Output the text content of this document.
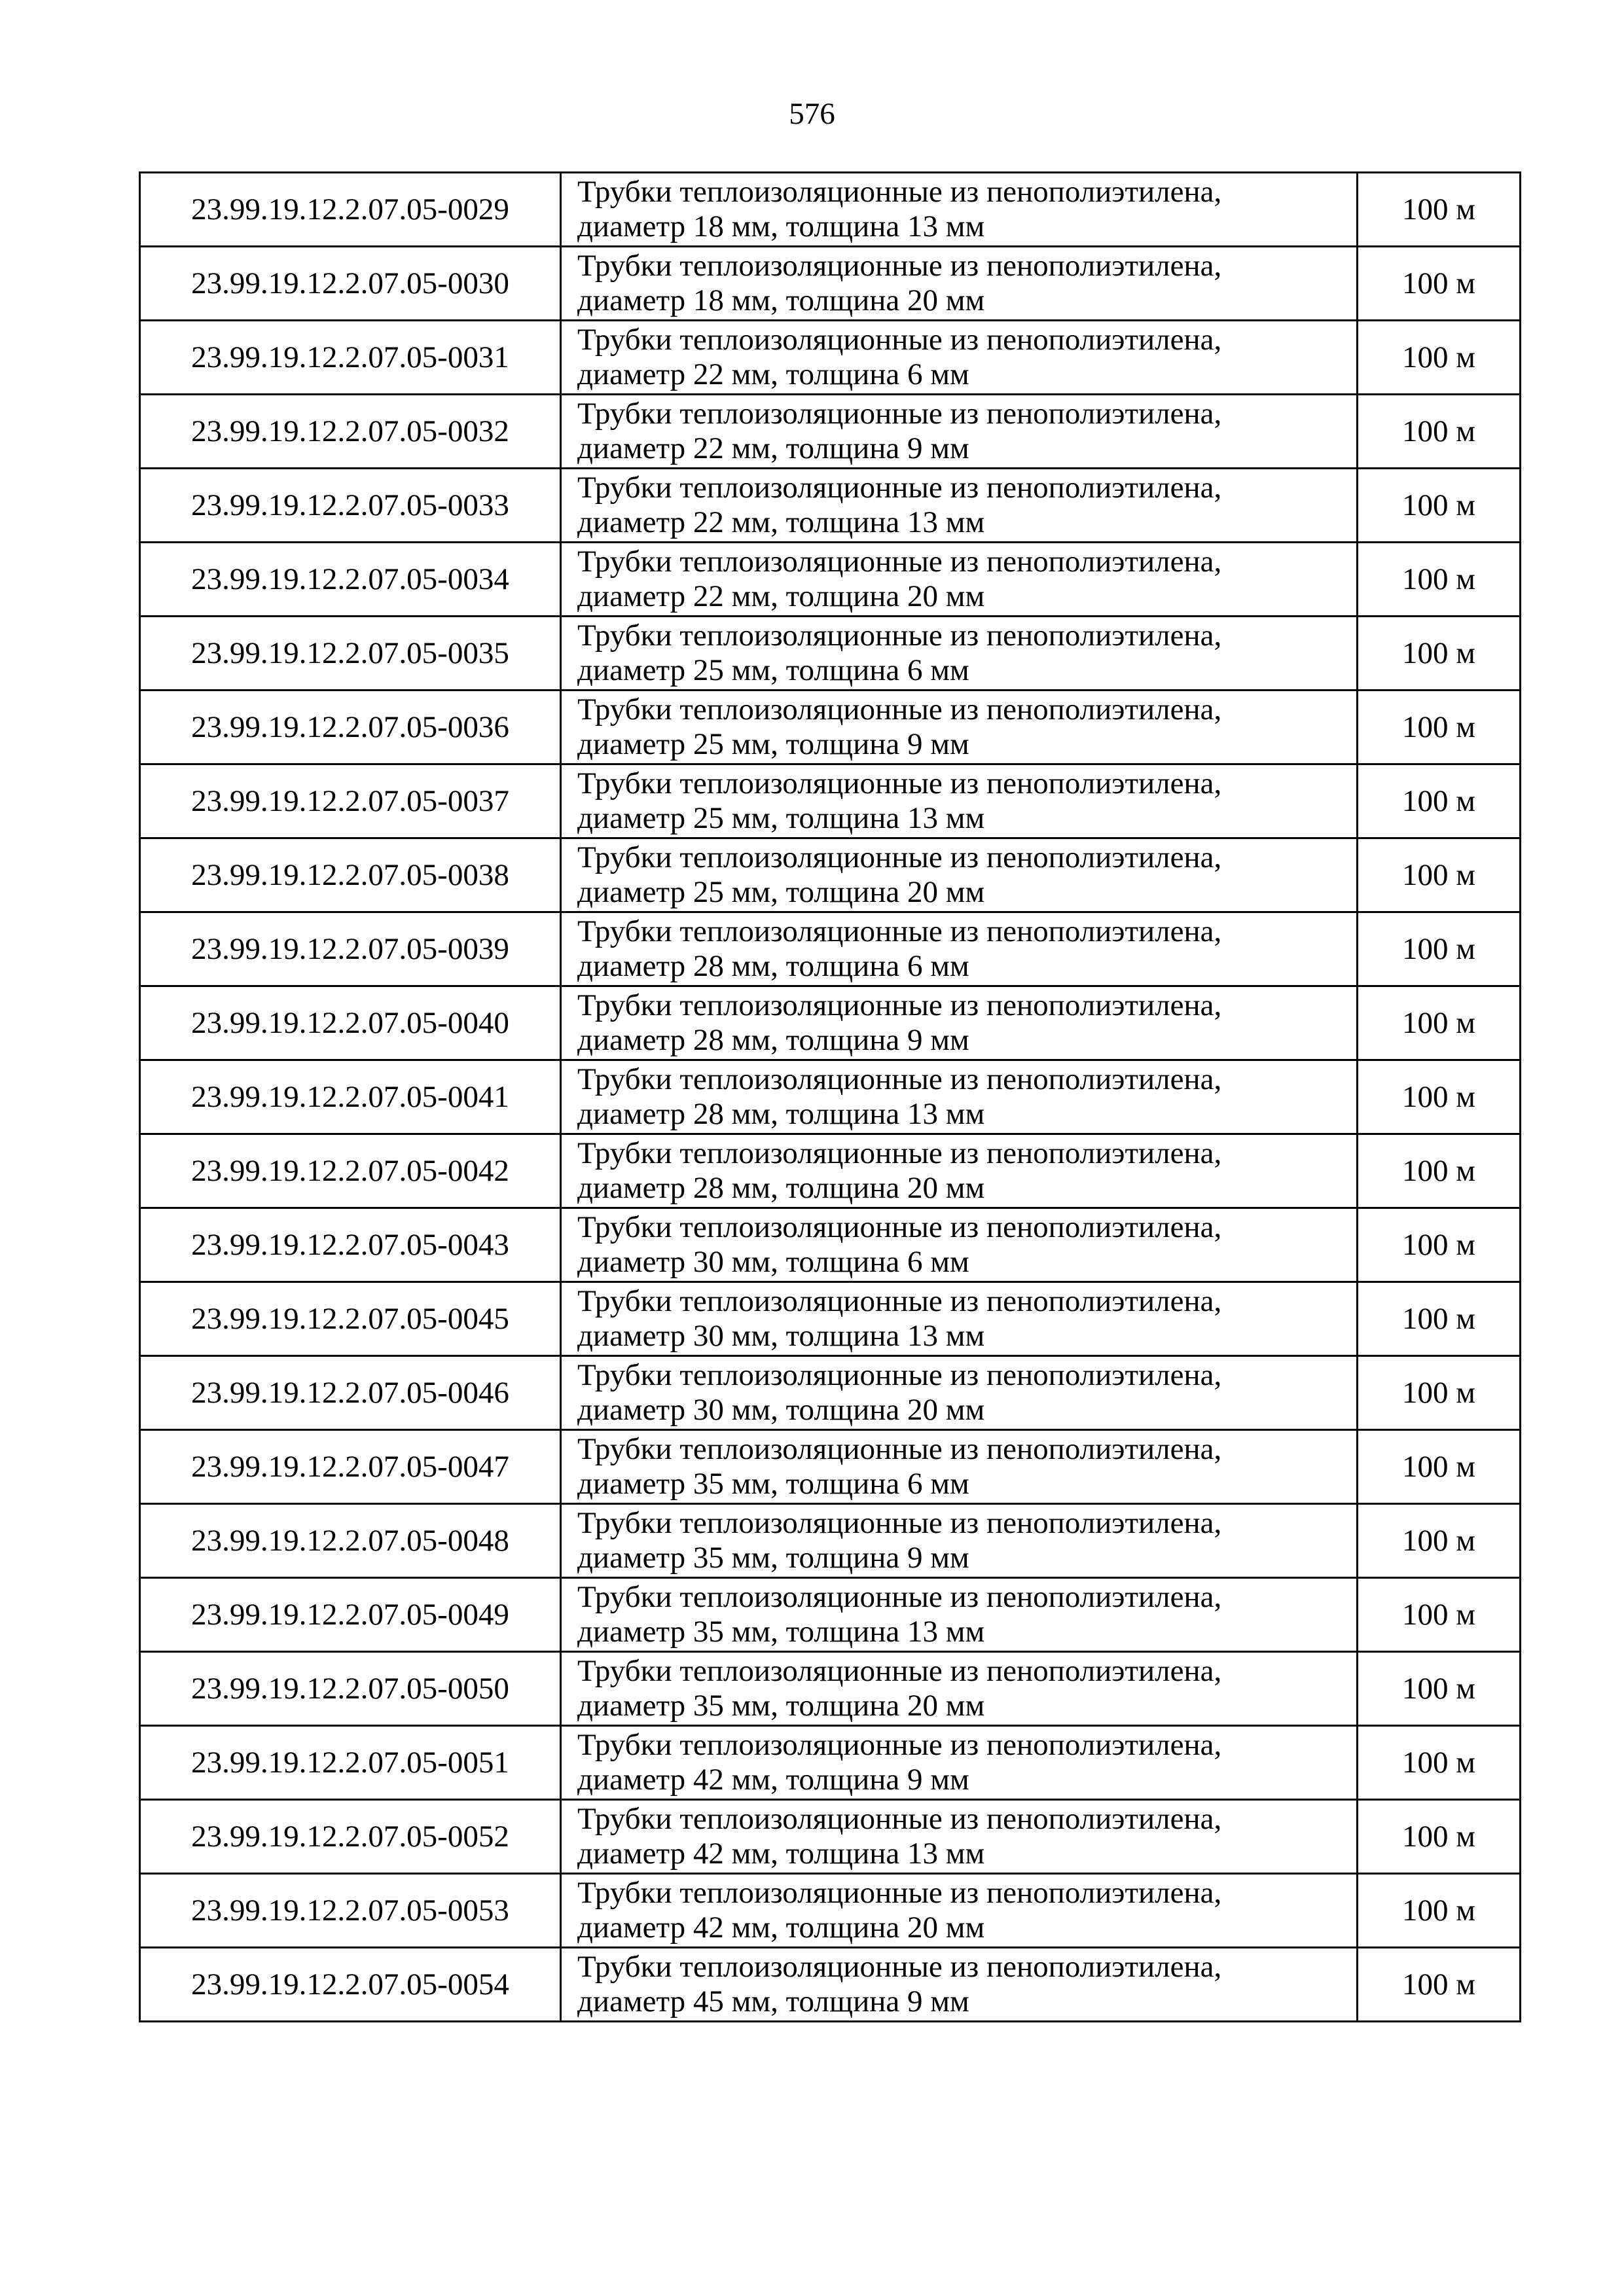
576
23.99.19.12.2.07.05-0029	Трубки теплоизоляционные из пенополиэтилена,
диаметр 18 мм, толщина 13 мм	100 м
23.99.19.12.2.07.05-0030	Трубки теплоизоляционные из пенополиэтилена,
диаметр 18 мм, толщина 20 мм	100 м
23.99.19.12.2.07.05-0031	Трубки теплоизоляционные из пенополиэтилена,
диаметр 22 мм, толщина 6 мм	100 м
23.99.19.12.2.07.05-0032	Трубки теплоизоляционные из пенополиэтилена,
диаметр 22 мм, толщина 9 мм	100 м
23.99.19.12.2.07.05-0033	Трубки теплоизоляционные из пенополиэтилена,
диаметр 22 мм, толщина 13 мм	100 м
23.99.19.12.2.07.05-0034	Трубки теплоизоляционные из пенополиэтилена,
диаметр 22 мм, толщина 20 мм	100 м
23.99.19.12.2.07.05-0035	Трубки теплоизоляционные из пенополиэтилена,
диаметр 25 мм, толщина 6 мм	100 м
23.99.19.12.2.07.05-0036	Трубки теплоизоляционные из пенополиэтилена,
диаметр 25 мм, толщина 9 мм	100 м
23.99.19.12.2.07.05-0037	Трубки теплоизоляционные из пенополиэтилена,
диаметр 25 мм, толщина 13 мм	100 м
23.99.19.12.2.07.05-0038	Трубки теплоизоляционные из пенополиэтилена,
диаметр 25 мм, толщина 20 мм	100 м
23.99.19.12.2.07.05-0039	Трубки теплоизоляционные из пенополиэтилена,
диаметр 28 мм, толщина 6 мм	100 м
23.99.19.12.2.07.05-0040	Трубки теплоизоляционные из пенополиэтилена,
диаметр 28 мм, толщина 9 мм	100 м
23.99.19.12.2.07.05-0041	Трубки теплоизоляционные из пенополиэтилена,
диаметр 28 мм, толщина 13 мм	100 м
23.99.19.12.2.07.05-0042	Трубки теплоизоляционные из пенополиэтилена,
диаметр 28 мм, толщина 20 мм	100 м
23.99.19.12.2.07.05-0043	Трубки теплоизоляционные из пенополиэтилена,
диаметр 30 мм, толщина 6 мм	100 м
23.99.19.12.2.07.05-0045	Трубки теплоизоляционные из пенополиэтилена,
диаметр 30 мм, толщина 13 мм	100 м
23.99.19.12.2.07.05-0046	Трубки теплоизоляционные из пенополиэтилена,
диаметр 30 мм, толщина 20 мм	100 м
23.99.19.12.2.07.05-0047	Трубки теплоизоляционные из пенополиэтилена,
диаметр 35 мм, толщина 6 мм	100 м
23.99.19.12.2.07.05-0048	Трубки теплоизоляционные из пенополиэтилена,
диаметр 35 мм, толщина 9 мм	100 м
23.99.19.12.2.07.05-0049	Трубки теплоизоляционные из пенополиэтилена,
диаметр 35 мм, толщина 13 мм	100 м
23.99.19.12.2.07.05-0050	Трубки теплоизоляционные из пенополиэтилена,
диаметр 35 мм, толщина 20 мм	100 м
23.99.19.12.2.07.05-0051	Трубки теплоизоляционные из пенополиэтилена,
диаметр 42 мм, толщина 9 мм	100 м
23.99.19.12.2.07.05-0052	Трубки теплоизоляционные из пенополиэтилена,
диаметр 42 мм, толщина 13 мм	100 м
23.99.19.12.2.07.05-0053	Трубки теплоизоляционные из пенополиэтилена,
диаметр 42 мм, толщина 20 мм	100 м
23.99.19.12.2.07.05-0054	Трубки теплоизоляционные из пенополиэтилена,
диаметр 45 мм, толщина 9 мм	100 м
